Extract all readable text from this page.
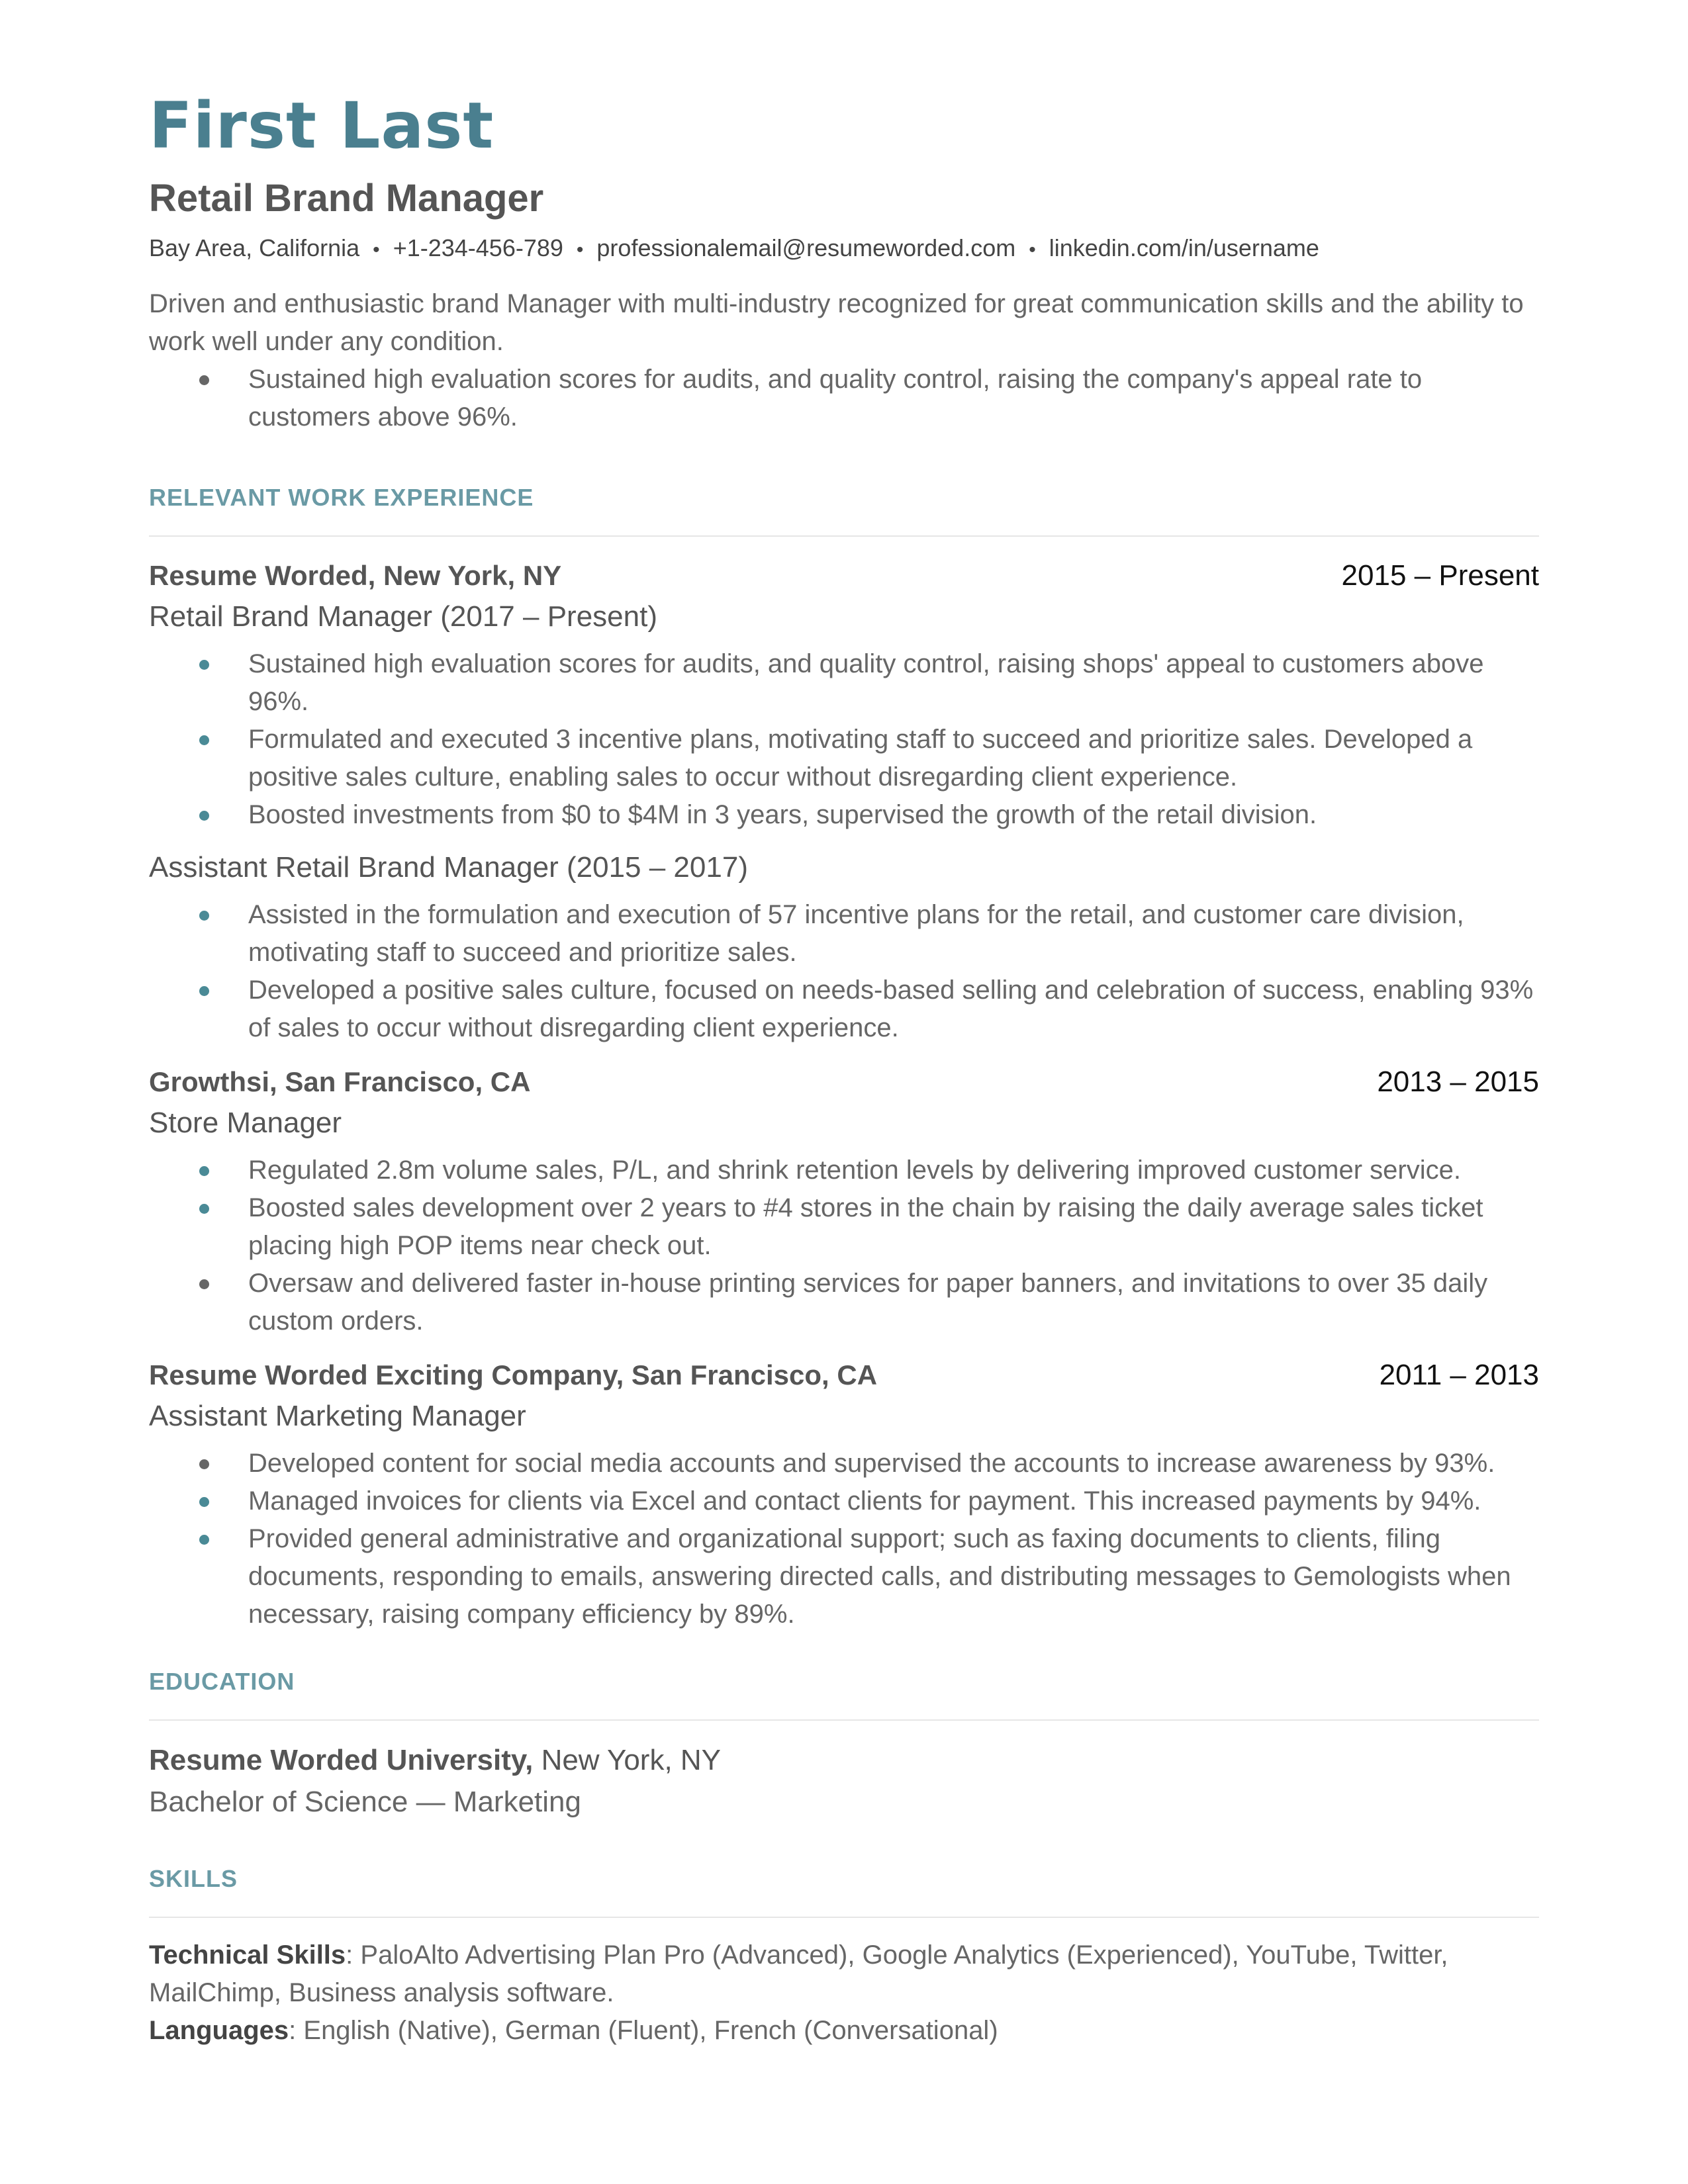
First Last
Retail Brand Manager
Bay Area, California • +1-234-456-789 • professionalemail@resumeworded.com • linkedin.com/in/username
Driven and enthusiastic brand Manager with multi-industry recognized for great communication skills and the ability to work well under any condition.
Sustained high evaluation scores for audits, and quality control, raising the company's appeal rate to customers above 96%.
RELEVANT WORK EXPERIENCE
Resume Worded, New York, NY	2015 – Present
Retail Brand Manager (2017 – Present)
Sustained high evaluation scores for audits, and quality control, raising shops' appeal to customers above 96%.
Formulated and executed 3 incentive plans, motivating staff to succeed and prioritize sales. Developed a positive sales culture, enabling sales to occur without disregarding client experience.
Boosted investments from $0 to $4M in 3 years, supervised the growth of the retail division.
Assistant Retail Brand Manager (2015 – 2017)
Assisted in the formulation and execution of 57 incentive plans for the retail, and customer care division, motivating staff to succeed and prioritize sales.
Developed a positive sales culture, focused on needs-based selling and celebration of success, enabling 93% of sales to occur without disregarding client experience.
Growthsi, San Francisco, CA	2013 – 2015
Store Manager
Regulated 2.8m volume sales, P/L, and shrink retention levels by delivering improved customer service.
Boosted sales development over 2 years to #4 stores in the chain by raising the daily average sales ticket placing high POP items near check out.
Oversaw and delivered faster in-house printing services for paper banners, and invitations to over 35 daily custom orders.
Resume Worded Exciting Company, San Francisco, CA	2011 – 2013
Assistant Marketing Manager
Developed content for social media accounts and supervised the accounts to increase awareness by 93%.
Managed invoices for clients via Excel and contact clients for payment. This increased payments by 94%.
Provided general administrative and organizational support; such as faxing documents to clients, filing documents, responding to emails, answering directed calls, and distributing messages to Gemologists when necessary, raising company efficiency by 89%.
EDUCATION
Resume Worded University, New York, NY
Bachelor of Science — Marketing
SKILLS
Technical Skills: PaloAlto Advertising Plan Pro (Advanced), Google Analytics (Experienced), YouTube, Twitter, MailChimp, Business analysis software.
Languages: English (Native), German (Fluent), French (Conversational)
